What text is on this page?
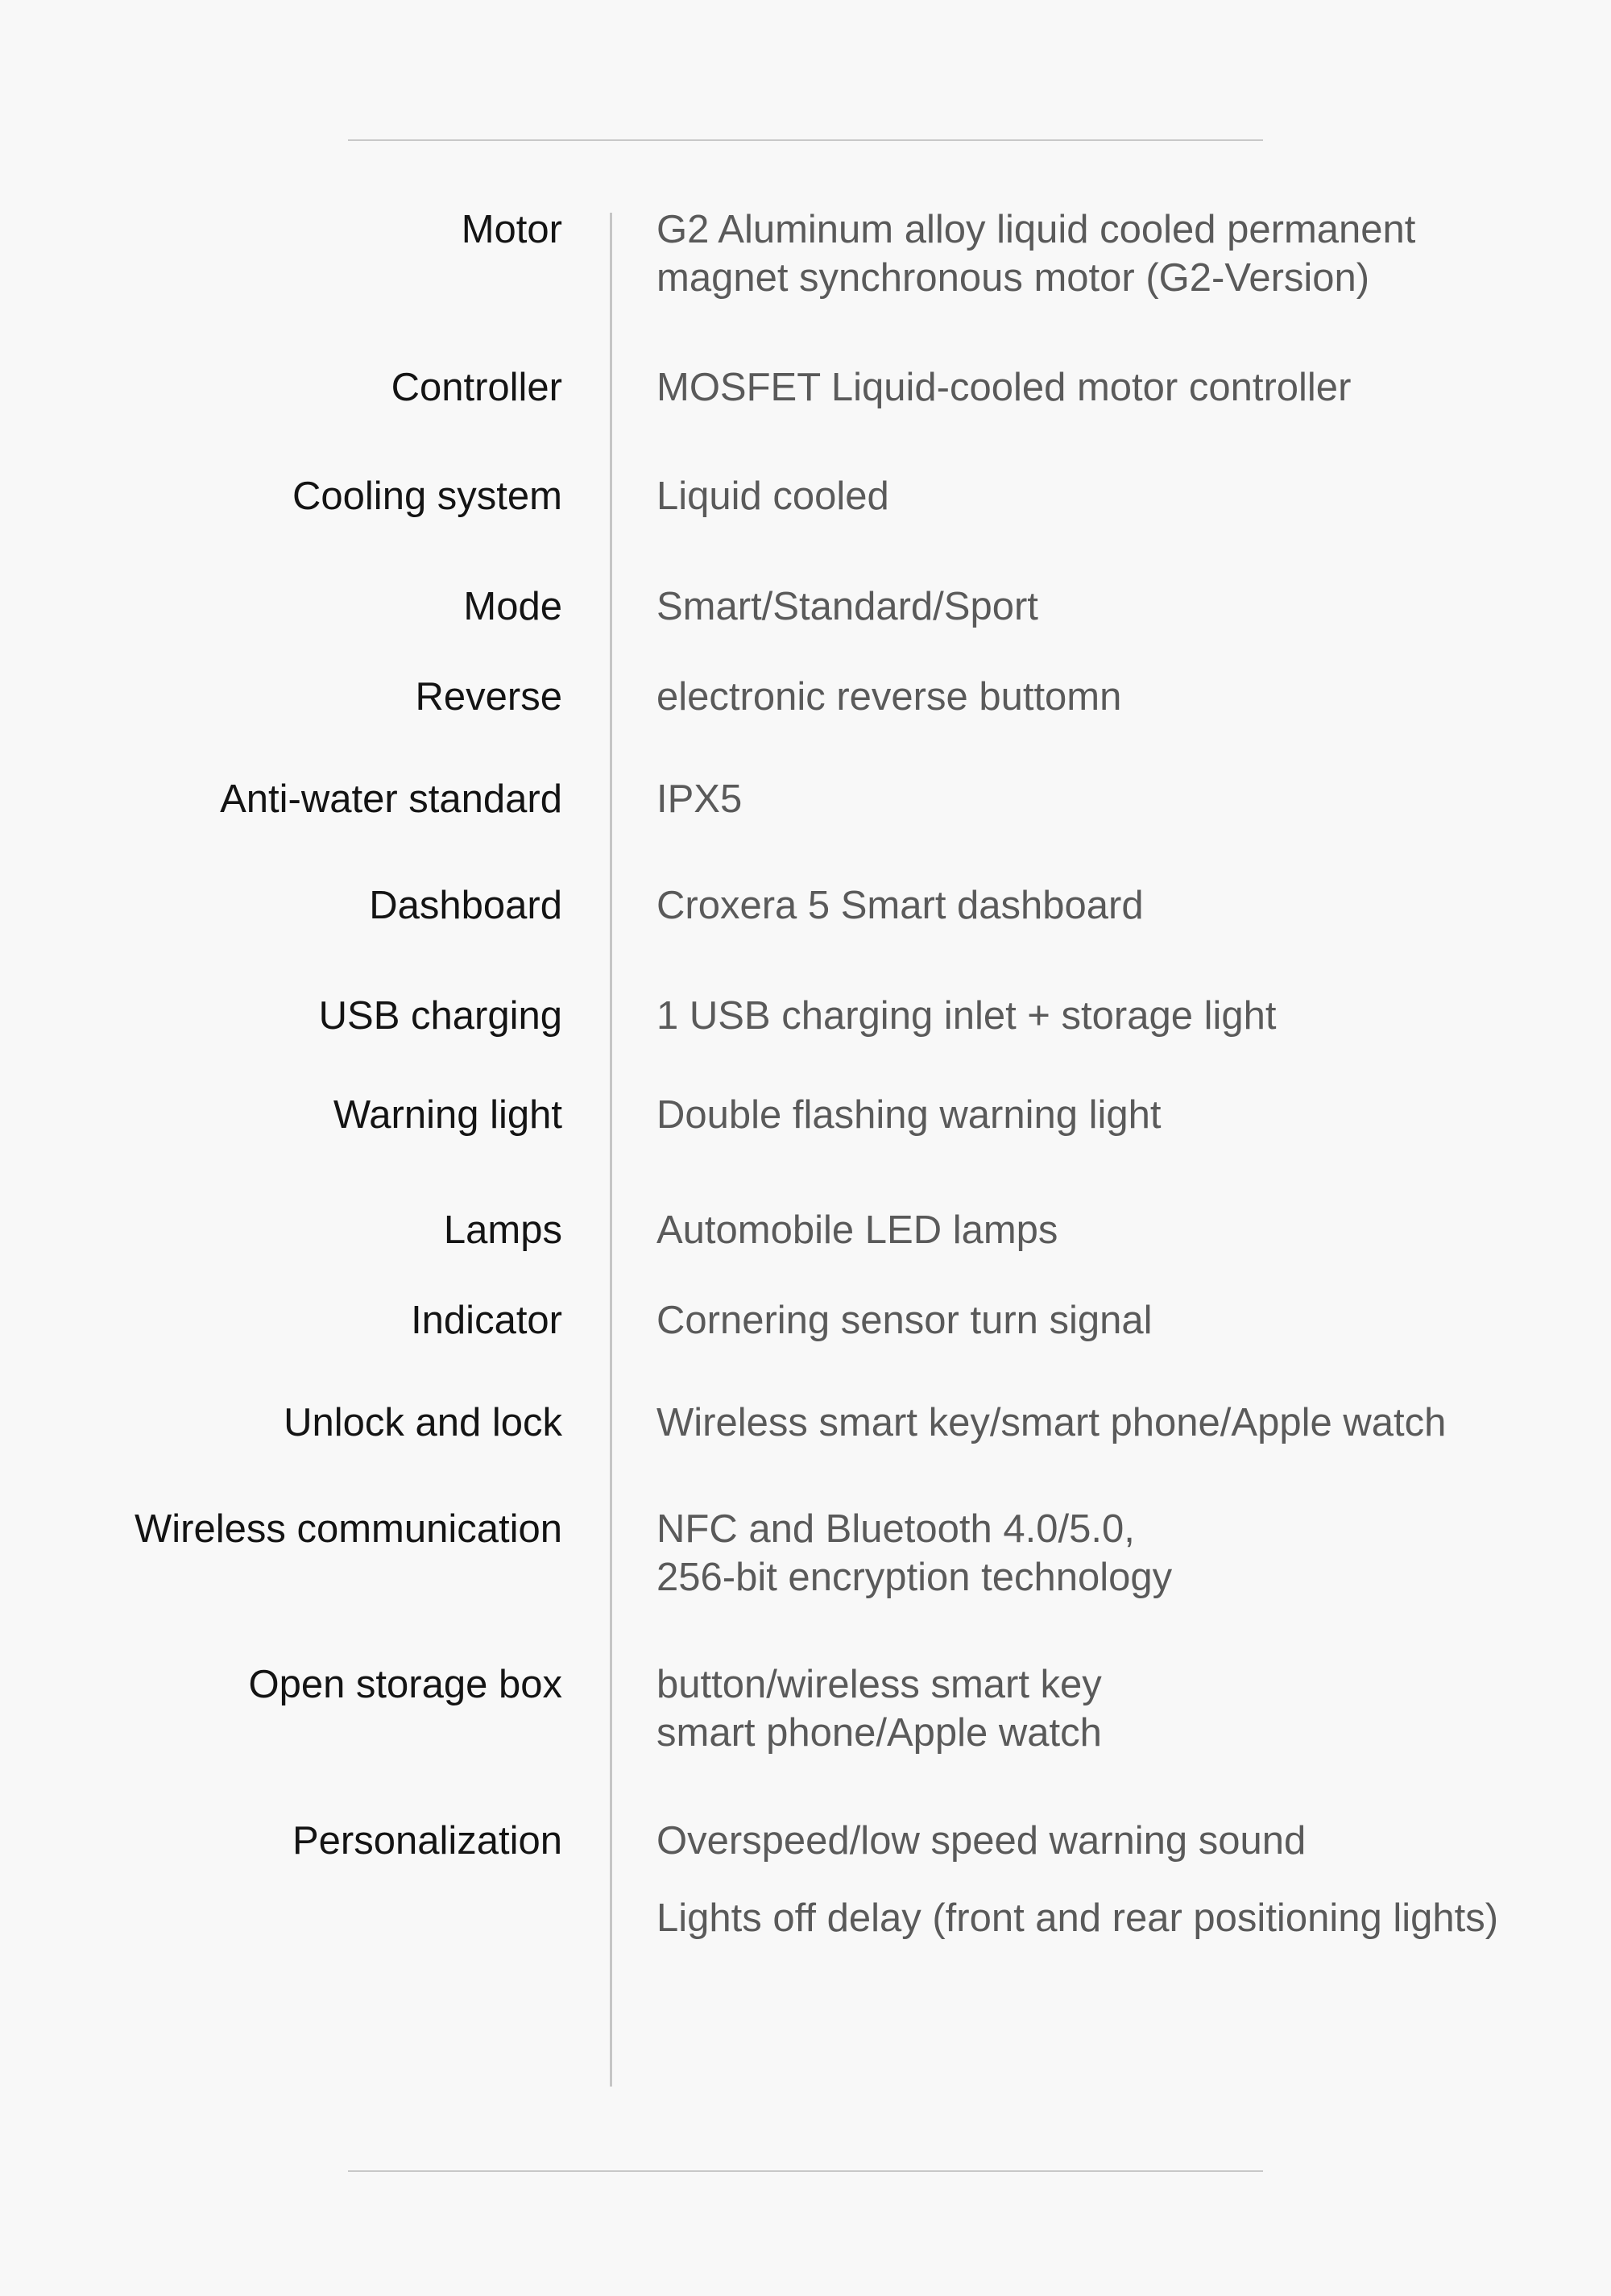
Motor G2 Aluminum alloy liquid cooled permanent
magnet synchronous motor (G2-Version)
Controller MOSFET Liquid-cooled motor controller
Cooling system Liquid cooled
Mode Smart/Standard/Sport
Reverse electronic reverse buttomn
Anti-water standard IPX5
Dashboard Croxera 5 Smart dashboard
USB charging 1 USB charging inlet + storage light
Warning light Double flashing warning light
Lamps Automobile LED lamps
Indicator Cornering sensor turn signal
Unlock and lock Wireless smart key/smart phone/Apple watch
Wireless communication NFC and Bluetooth 4.0/5.0,
256-bit encryption technology
Open storage box button/wireless smart key
smart phone/Apple watch
Personalization Overspeed/low speed warning sound
Lights off delay (front and rear positioning lights)
